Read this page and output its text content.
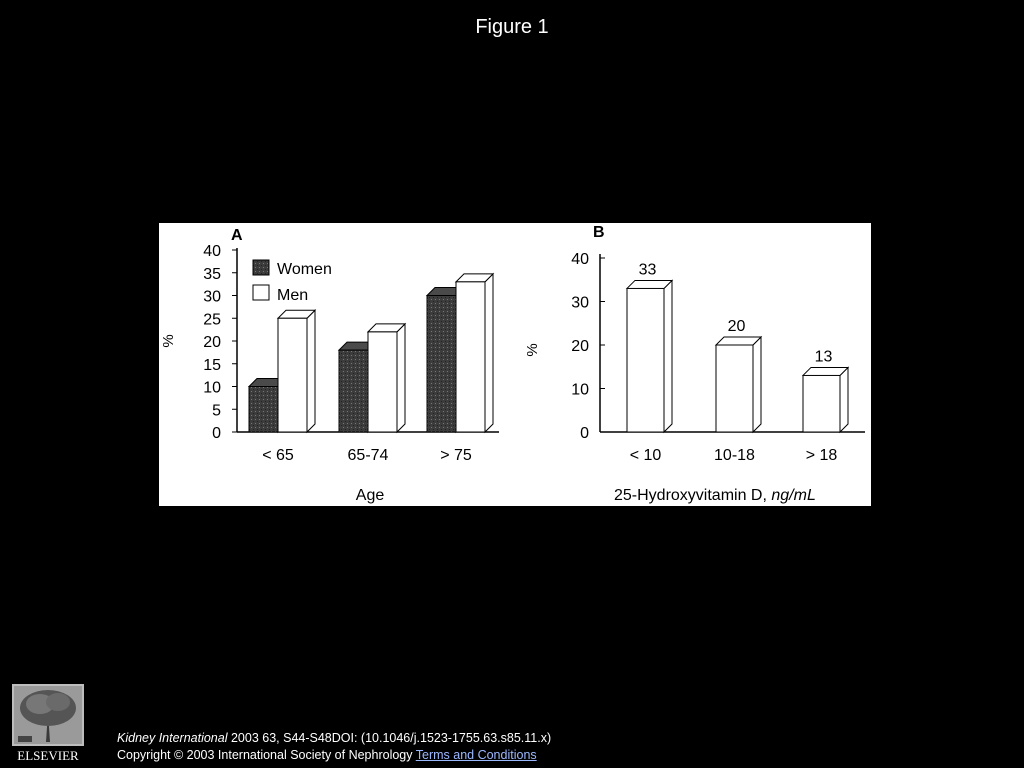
Figure 1
A
0
5
10
15
20
25
30
35
40
%
< 65	65-74	> 75
Age
Women
Men
B
0
10
20
30
40
%
33
< 10
20
10-18
13
> 18
25-Hydroxyvitamin D, ng/mL
ELSEVIER
Kidney International 2003 63, S44-S48DOI: (10.1046/j.1523-1755.63.s85.11.x)
Copyright © 2003 International Society of Nephrology Terms and Conditions
